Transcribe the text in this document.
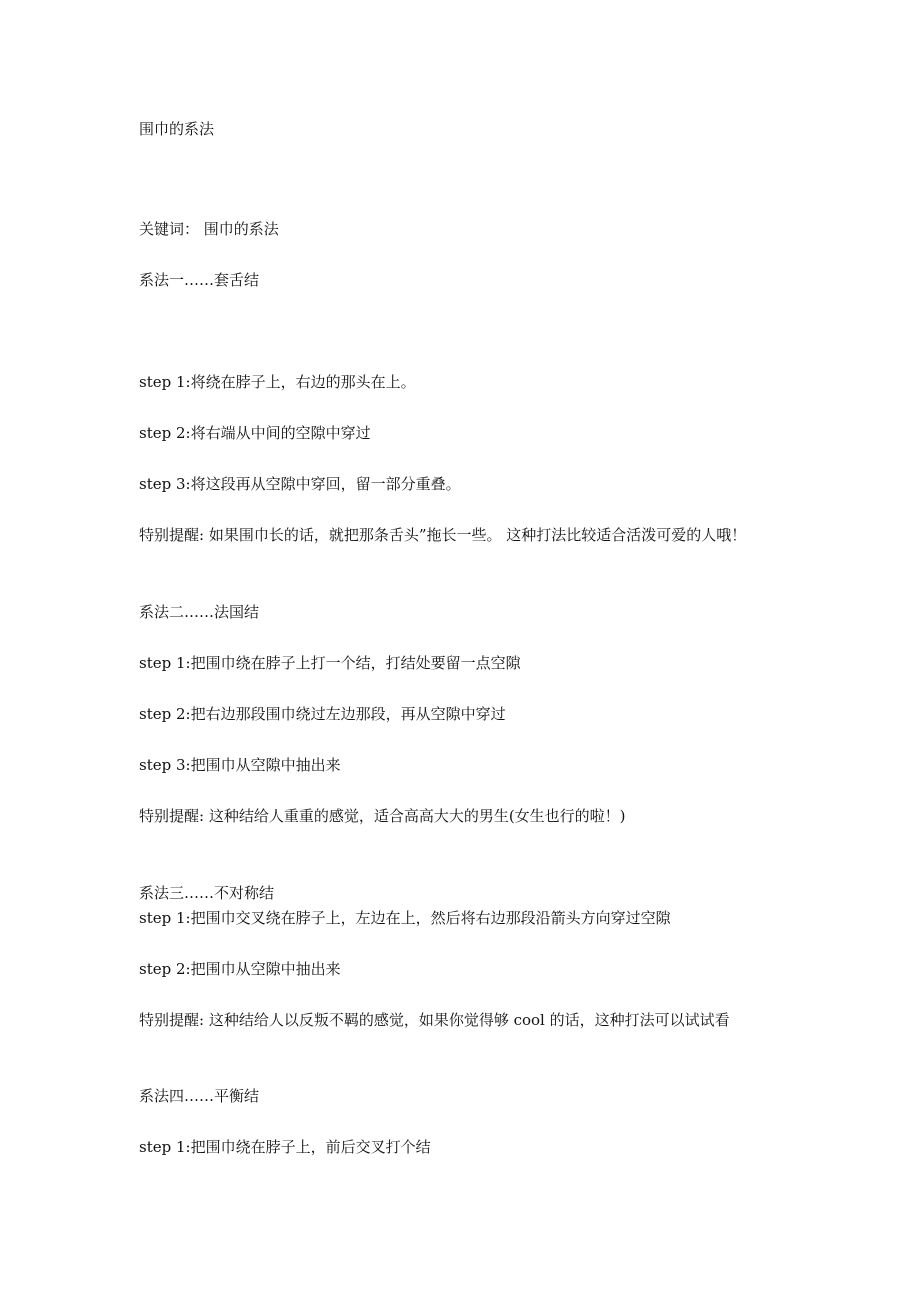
围巾的系法

关键词： 围巾的系法

系法一……套舌结

step 1:将绕在脖子上，右边的那头在上。

step 2:将右端从中间的空隙中穿过

step 3:将这段再从空隙中穿回，留一部分重叠。

特别提醒: 如果围巾长的话，就把那条舌头”拖长一些。 这种打法比较适合活泼可爱的人哦！

系法二……法国结

step 1:把围巾绕在脖子上打一个结，打结处要留一点空隙

step 2:把右边那段围巾绕过左边那段，再从空隙中穿过

step 3:把围巾从空隙中抽出来

特别提醒: 这种结给人重重的感觉，适合高高大大的男生(女生也行的啦！)

系法三……不对称结

step 1:把围巾交叉绕在脖子上，左边在上，然后将右边那段沿箭头方向穿过空隙

step 2:把围巾从空隙中抽出来

特别提醒: 这种结给人以反叛不羁的感觉，如果你觉得够 cool 的话，这种打法可以试试看

系法四……平衡结

step 1:把围巾绕在脖子上，前后交叉打个结
